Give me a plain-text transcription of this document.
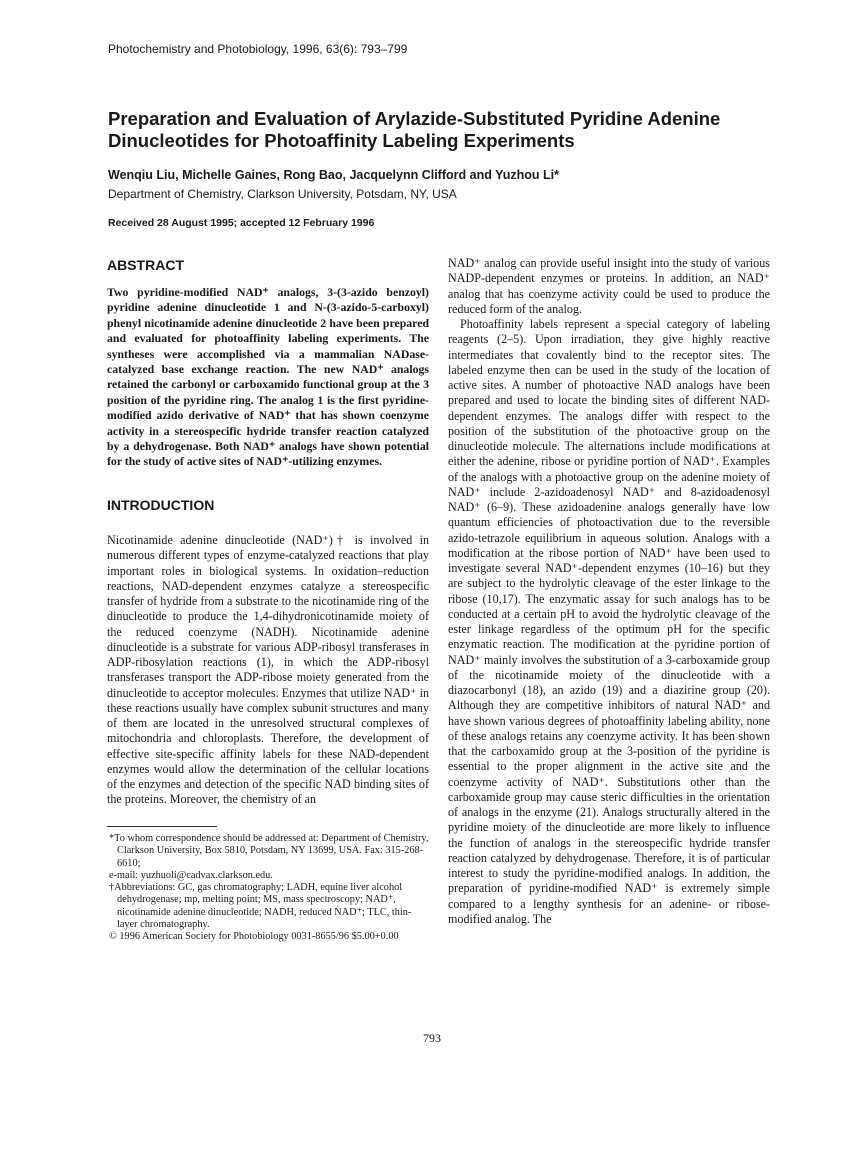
Photochemistry and Photobiology, 1996, 63(6): 793–799
Preparation and Evaluation of Arylazide-Substituted Pyridine Adenine Dinucleotides for Photoaffinity Labeling Experiments
Wenqiu Liu, Michelle Gaines, Rong Bao, Jacquelynn Clifford and Yuzhou Li*
Department of Chemistry, Clarkson University, Potsdam, NY, USA
Received 28 August 1995; accepted 12 February 1996
ABSTRACT

Two pyridine-modified NAD⁺ analogs, 3-(3-azido benzoyl) pyridine adenine dinucleotide 1 and N-(3-azido-5-carboxyl) phenyl nicotinamide adenine dinucleotide 2 have been prepared and evaluated for photoaffinity labeling experiments. The syntheses were accomplished via a mammalian NADase-catalyzed base exchange reaction. The new NAD⁺ analogs retained the carbonyl or carboxamido functional group at the 3 position of the pyridine ring. The analog 1 is the first pyridine-modified azido derivative of NAD⁺ that has shown coenzyme activity in a stereospecific hydride transfer reaction catalyzed by a dehydrogenase. Both NAD⁺ analogs have shown potential for the study of active sites of NAD⁺-utilizing enzymes.

INTRODUCTION

Nicotinamide adenine dinucleotide (NAD⁺)† is involved in numerous different types of enzyme-catalyzed reactions that play important roles in biological systems. In oxidation–reduction reactions, NAD-dependent enzymes catalyze a stereospecific transfer of hydride from a substrate to the nicotinamide ring of the dinucleotide to produce the 1,4-dihydronicotinamide moiety of the reduced coenzyme (NADH). Nicotinamide adenine dinucleotide is a substrate for various ADP-ribosyl transferases in ADP-ribosylation reactions (1), in which the ADP-ribosyl transferases transport the ADP-ribose moiety generated from the dinucleotide to acceptor molecules. Enzymes that utilize NAD⁺ in these reactions usually have complex subunit structures and many of them are located in the unresolved structural complexes of mitochondria and chloroplasts. Therefore, the development of effective site-specific affinity labels for these NAD-dependent enzymes would allow the determination of the cellular locations of the enzymes and detection of the specific NAD binding sites of the proteins. Moreover, the chemistry of an

*To whom correspondence should be addressed at: Department of Chemistry, Clarkson University, Box 5810, Potsdam, NY 13699, USA. Fax: 315-268-6610;

e-mail: yuzhuoli@cadvax.clarkson.edu.

†Abbreviations: GC, gas chromatography; LADH, equine liver alcohol dehydrogenase; mp, melting point; MS, mass spectroscopy; NAD⁺, nicotinamide adenine dinucleotide; NADH, reduced NAD⁺; TLC, thin-layer chromatography.

© 1996 American Society for Photobiology 0031-8655/96 $5.00+0.00

NAD⁺ analog can provide useful insight into the study of various NADP-dependent enzymes or proteins. In addition, an NAD⁺ analog that has coenzyme activity could be used to produce the reduced form of the analog.

Photoaffinity labels represent a special category of labeling reagents (2–5). Upon irradiation, they give highly reactive intermediates that covalently bind to the receptor sites. The labeled enzyme then can be used in the study of the location of active sites. A number of photoactive NAD analogs have been prepared and used to locate the binding sites of different NAD-dependent enzymes. The analogs differ with respect to the position of the substitution of the photoactive group on the dinucleotide molecule. The alternations include modifications at either the adenine, ribose or pyridine portion of NAD⁺. Examples of the analogs with a photoactive group on the adenine moiety of NAD⁺ include 2-azidoadenosyl NAD⁺ and 8-azidoadenosyl NAD⁺ (6–9). These azidoadenine analogs generally have low quantum efficiencies of photoactivation due to the reversible azido-tetrazole equilibrium in aqueous solution. Analogs with a modification at the ribose portion of NAD⁺ have been used to investigate several NAD⁺-dependent enzymes (10–16) but they are subject to the hydrolytic cleavage of the ester linkage to the ribose (10,17). The enzymatic assay for such analogs has to be conducted at a certain pH to avoid the hydrolytic cleavage of the ester linkage regardless of the optimum pH for the specific enzymatic reaction. The modification at the pyridine portion of NAD⁺ mainly involves the substitution of a 3-carboxamide group of the nicotinamide moiety of the dinucleotide with a diazocarbonyl (18), an azido (19) and a diazirine group (20). Although they are competitive inhibitors of natural NAD⁺ and have shown various degrees of photoaffinity labeling ability, none of these analogs retains any coenzyme activity. It has been shown that the carboxamido group at the 3-position of the pyridine is essential to the proper alignment in the active site and the coenzyme activity of NAD⁺. Substitutions other than the carboxamide group may cause steric difficulties in the orientation of analogs in the enzyme (21). Analogs structurally altered in the pyridine moiety of the dinucleotide are more likely to influence the function of analogs in the stereospecific hydride transfer reaction catalyzed by dehydrogenase. Therefore, it is of particular interest to study the pyridine-modified analogs. In addition, the preparation of pyridine-modified NAD⁺ is extremely simple compared to a lengthy synthesis for an adenine- or ribose-modified analog. The

793
